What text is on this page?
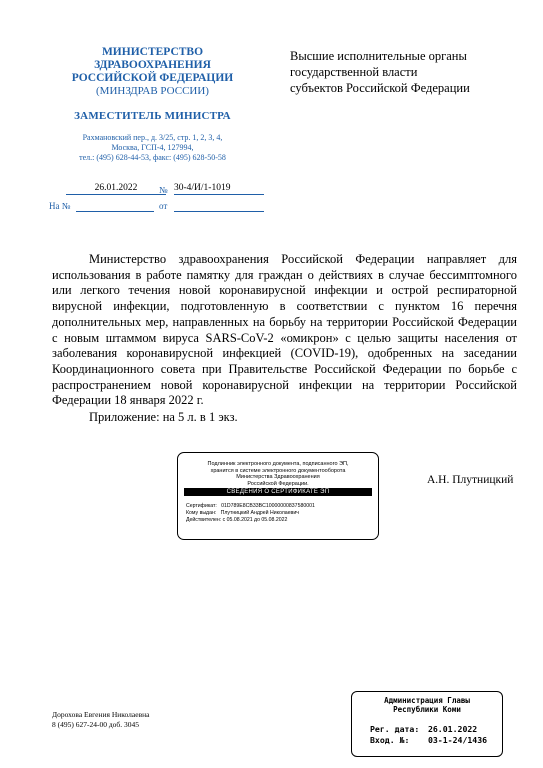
МИНИСТЕРСТВО
ЗДРАВООХРАНЕНИЯ
РОССИЙСКОЙ ФЕДЕРАЦИИ
(МИНЗДРАВ РОССИИ)
ЗАМЕСТИТЕЛЬ МИНИСТРА
Рахмановский пер., д. 3/25, стр. 1, 2, 3, 4,
Москва, ГСП-4, 127994,
тел.: (495) 628-44-53, факс: (495) 628-50-58
26.01.2022	№ 30-4/И/1-1019
На №	от
Высшие исполнительные органы
государственной власти
субъектов Российской Федерации

Министерство здравоохранения Российской Федерации направляет для использования в работе памятку для граждан о действиях в случае бессимптомного или легкого течения новой коронавирусной инфекции и острой респираторной вирусной инфекции, подготовленную в соответствии с пунктом 16 перечня дополнительных мер, направленных на борьбу на территории Российской Федерации с новым штаммом вируса SARS-CoV-2 «омикрон» с целью защиты населения от заболевания коронавирусной инфекцией (COVID-19), одобренных на заседании Координационного совета при Правительстве Российской Федерации по борьбе с распространением новой коронавирусной инфекции на территории Российской Федерации 18 января 2022 г.

Приложение: на 5 л. в 1 экз.

Подлинник электронного документа, подписанного ЭП,
хранится в системе электронного документооборота
Министерства Здравоохранения
Российской Федерации.
СВЕДЕНИЯ О СЕРТИФИКАТЕ ЭП
Сертификат:   01D789E8CB33BC10000000837580001
Кому выдан:   Плутницкий Андрей Николаевич
Действителен: с 05.08.2021 до 05.08.2022
А.Н. Плутницкий
Дорохова Евгения Николаевна
8 (495) 627-24-00 доб. 3045
Администрация Главы
Республики Коми
Рег. дата: 26.01.2022
Вход. №: 03-1-24/1436
